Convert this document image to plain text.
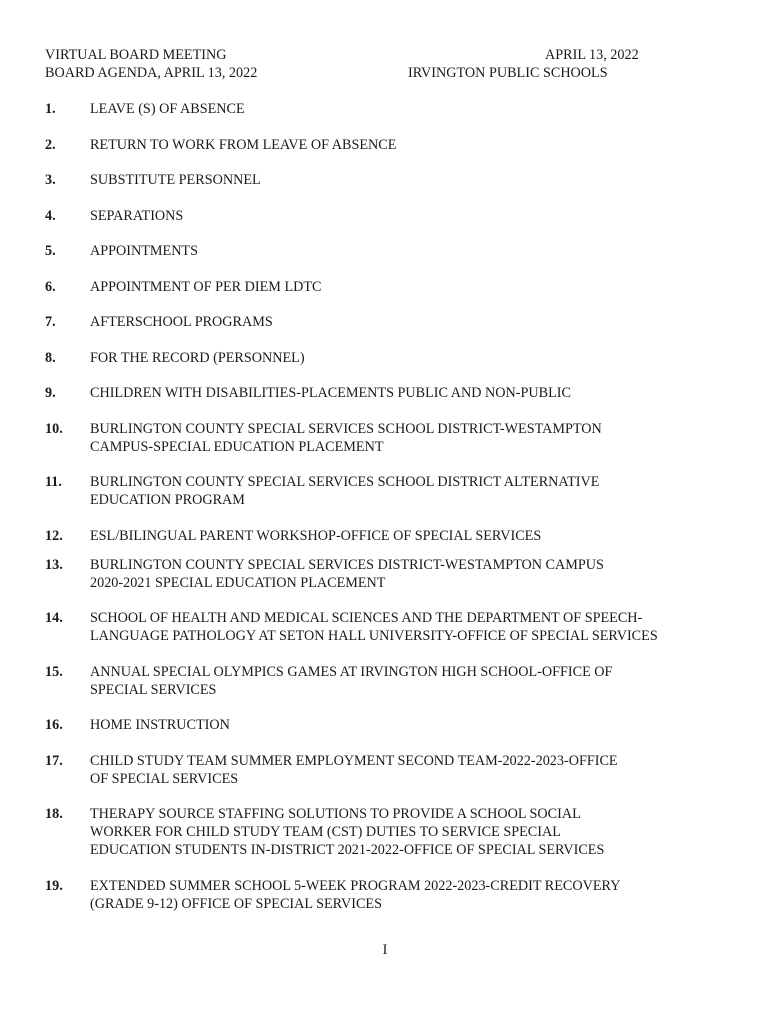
VIRTUAL BOARD MEETING	APRIL 13, 2022
BOARD AGENDA, APRIL 13, 2022	IRVINGTON PUBLIC SCHOOLS
1.	LEAVE (S) OF ABSENCE
2.	RETURN TO WORK FROM LEAVE OF ABSENCE
3.	SUBSTITUTE PERSONNEL
4.	SEPARATIONS
5.	APPOINTMENTS
6.	APPOINTMENT OF PER DIEM LDTC
7.	AFTERSCHOOL PROGRAMS
8.	FOR THE RECORD (PERSONNEL)
9.	CHILDREN WITH DISABILITIES-PLACEMENTS PUBLIC AND NON-PUBLIC
10.	BURLINGTON COUNTY SPECIAL SERVICES SCHOOL DISTRICT-WESTAMPTON
CAMPUS-SPECIAL EDUCATION PLACEMENT
11.	BURLINGTON COUNTY SPECIAL SERVICES SCHOOL DISTRICT ALTERNATIVE
EDUCATION PROGRAM
12.	ESL/BILINGUAL PARENT WORKSHOP-OFFICE OF SPECIAL SERVICES
13.	BURLINGTON COUNTY SPECIAL SERVICES DISTRICT-WESTAMPTON CAMPUS
2020-2021 SPECIAL EDUCATION PLACEMENT
14.	SCHOOL OF HEALTH AND MEDICAL SCIENCES AND THE DEPARTMENT OF SPEECH-
LANGUAGE PATHOLOGY AT SETON HALL UNIVERSITY-OFFICE OF SPECIAL SERVICES
15.	ANNUAL SPECIAL OLYMPICS GAMES AT IRVINGTON HIGH SCHOOL-OFFICE OF
SPECIAL SERVICES
16.	HOME INSTRUCTION
17.	CHILD STUDY TEAM SUMMER EMPLOYMENT SECOND TEAM-2022-2023-OFFICE
OF SPECIAL SERVICES
18.	THERAPY SOURCE STAFFING SOLUTIONS TO PROVIDE A SCHOOL SOCIAL
WORKER FOR CHILD STUDY TEAM (CST) DUTIES TO SERVICE SPECIAL
EDUCATION STUDENTS IN-DISTRICT 2021-2022-OFFICE OF SPECIAL SERVICES
19.	EXTENDED SUMMER SCHOOL 5-WEEK PROGRAM 2022-2023-CREDIT RECOVERY
(GRADE 9-12) OFFICE OF SPECIAL SERVICES
I
